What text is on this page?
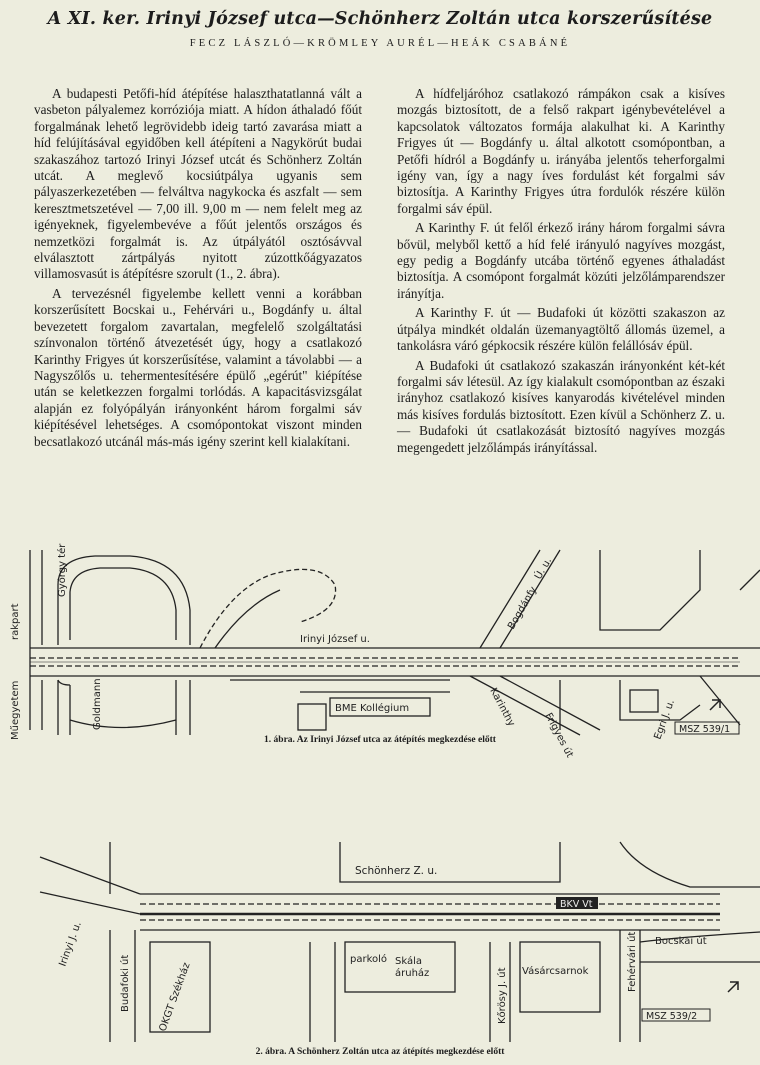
A XI. ker. Irinyi József utca—Schönherz Zoltán utca korszerűsítése
FECZ LÁSZLÓ—KRÖMLEY AURÉL—HEÁK CSABÁNÉ

A budapesti Petőfi-híd átépítése halaszthatatlanná vált a vasbeton pályalemez korróziója miatt. A hídon áthaladó főút forgalmának lehető legrövidebb ideig tartó zavarása miatt a híd felújításával egyidőben kell átépíteni a Nagykörút budai szakaszához tartozó Irinyi József utcát és Schönherz Zoltán utcát. A meglevő kocsiútpálya ugyanis sem pályaszerkezetében — felváltva nagykocka és aszfalt — sem keresztmetszetével — 7,00 ill. 9,00 m — nem felelt meg az igényeknek, figyelembevéve a főút jelentős országos és nemzetközi forgalmát is. Az útpályától osztósávval elválasztott zártpályás nyitott zúzottkőágyazatos villamosvasút is átépítésre szorult (1., 2. ábra).

A tervezésnél figyelembe kellett venni a korábban korszerűsített Bocskai u., Fehérvári u., Bogdánfy u. által bevezetett forgalom zavartalan, megfelelő szolgáltatási színvonalon történő átvezetését úgy, hogy a csatlakozó Karinthy Frigyes út korszerűsítése, valamint a távolabbi — a Nagyszőlős u. tehermentesítésére épülő „egérút" kiépítése után se keletkezzen forgalmi torlódás. A kapacitásvizsgálat alapján ez folyópályán irányonként három forgalmi sáv kiépítésével lehetséges. A csomópontokat viszont minden becsatlakozó utcánál más-más igény szerint kell kialakítani.

A hídfeljáróhoz csatlakozó rámpákon csak a kisíves mozgás biztosított, de a felső rakpart igénybevételével a kapcsolatok változatos formája alakulhat ki. A Karinthy Frigyes út — Bogdánfy u. által alkotott csomópontban, a Petőfi hídról a Bogdánfy u. irányába jelentős teherforgalmi igény van, így a nagy íves fordulást két forgalmi sáv biztosítja. A Karinthy Frigyes útra fordulók részére külön forgalmi sáv épül.

A Karinthy F. út felől érkező irány három forgalmi sávra bővül, melyből kettő a híd felé irányuló nagyíves mozgást, egy pedig a Bogdánfy utcába történő egyenes áthaladást biztosítja. A csomópont forgalmát közúti jelzőlámparendszer irányítja.

A Karinthy F. út — Budafoki út közötti szakaszon az útpálya mindkét oldalán üzemanyagtöltő állomás üzemel, a tankolásra váró gépkocsik részére külön felállósáv épül.

A Budafoki út csatlakozó szakaszán irányonként két-két forgalmi sáv létesül. Az így kialakult csomópontban az északi irányhoz csatlakozó kisíves kanyarodás kivételével minden más kisíves fordulás biztosított. Ezen kívül a Schönherz Z. u. — Budafoki út csatlakozását biztosító nagyíves mozgás megengedett jelzőlámpás irányítással.

György tér
rakpart
Műegyetem	Goldmann
Irinyi József u.
BME Kollégium
Bogdánfy
Ú. u.
Karinthy
Frigyes út	Egri J. u. MSZ 539/1
1. ábra. Az Irinyi József utca az átépítés megkezdése előtt
Schönherz Z. u.
BKV Vt
Irinyi J. u.
Budafoki út	OKGT Székház
parkoló Skála
áruház	Vásárcsarnok
Kőrösy J. út
Bocskai út
Fehérvári út
MSZ 539/2
2. ábra. A Schönherz Zoltán utca az átépítés megkezdése előtt
